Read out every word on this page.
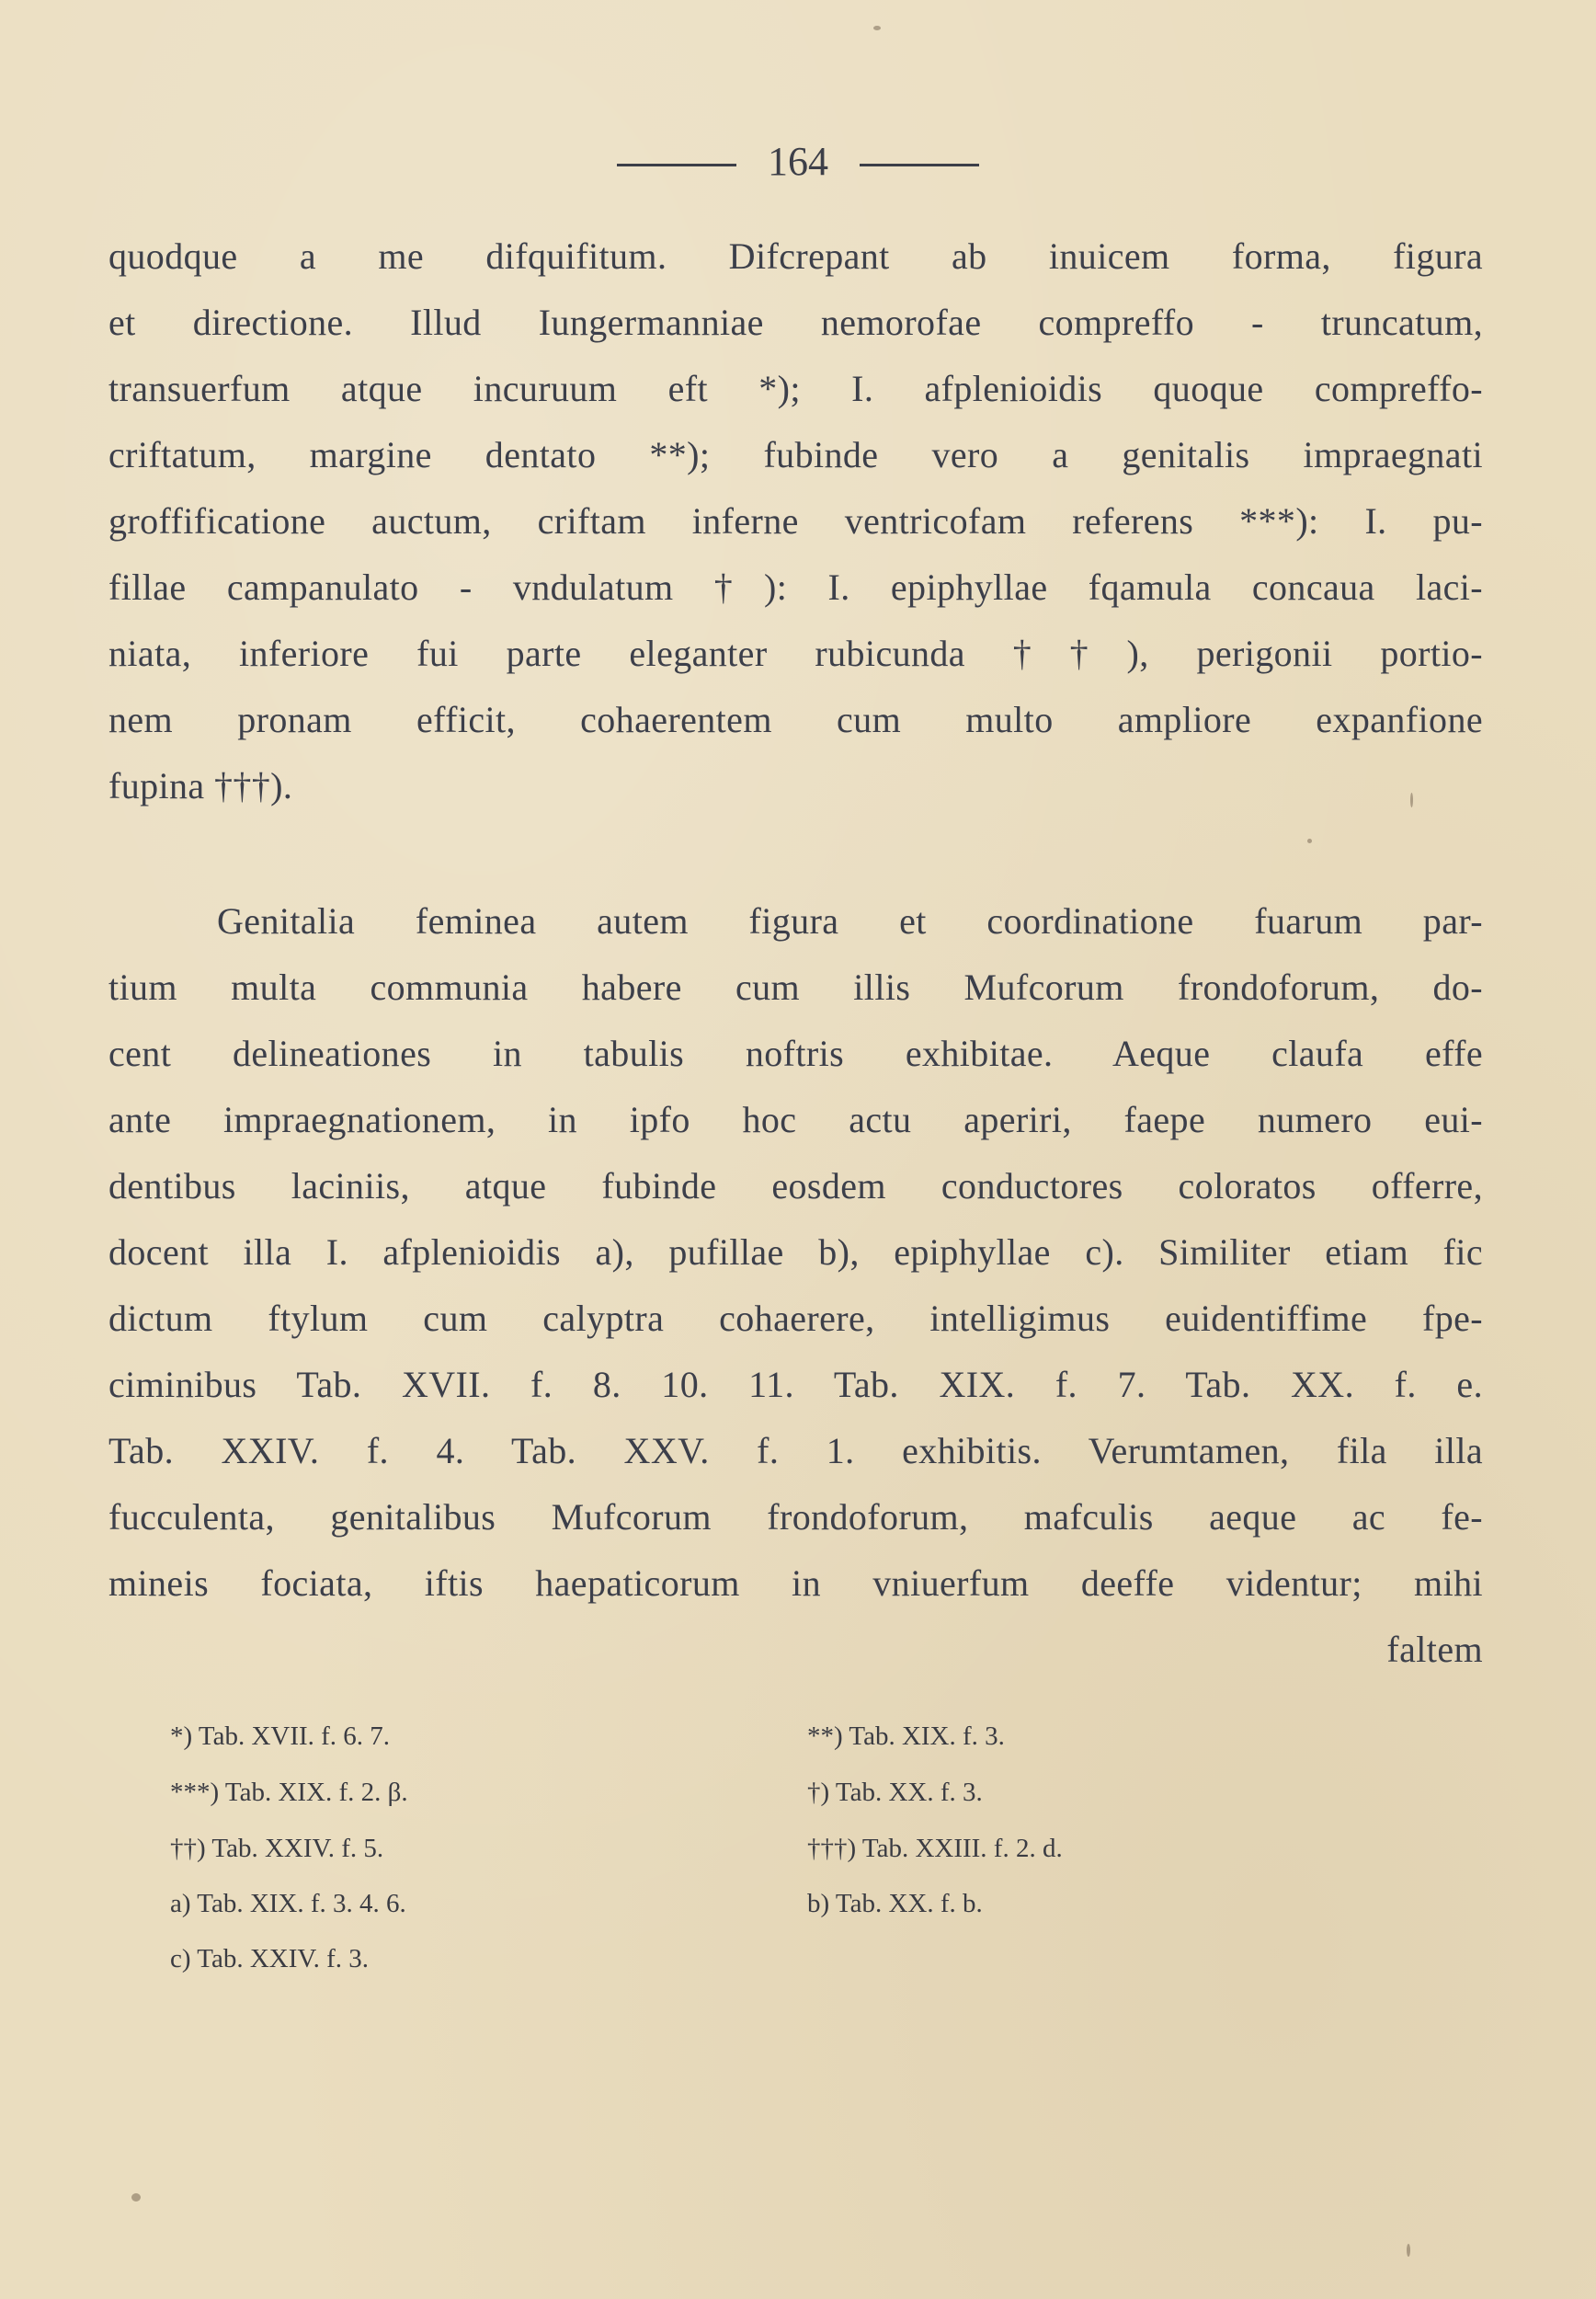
164
quodque a me difquifitum. Difcrepant ab inuicem forma, figura
et directione. Illud Iungermanniae nemorofae compreffo - truncatum,
transuerfum atque incuruum eft *); I. afplenioidis quoque compreffo-
criftatum, margine dentato **); fubinde vero a genitalis impraegnati
groffificatione auctum, criftam inferne ventricofam referens ***): I. pu-
fillae campanulato - vndulatum †): I. epiphyllae fqamula concaua laci-
niata, inferiore fui parte eleganter rubicunda ††), perigonii portio-
nem pronam efficit, cohaerentem cum multo ampliore expanfione
fupina †††).
Genitalia feminea autem figura et coordinatione fuarum par-
tium multa communia habere cum illis Mufcorum frondoforum, do-
cent delineationes in tabulis noftris exhibitae. Aeque claufa effe
ante impraegnationem, in ipfo hoc actu aperiri, faepe numero eui-
dentibus laciniis, atque fubinde eosdem conductores coloratos offerre,
docent illa I. afplenioidis a), pufillae b), epiphyllae c). Similiter etiam fic
dictum ftylum cum calyptra cohaerere, intelligimus euidentiffime fpe-
ciminibus Tab. XVII. f. 8. 10. 11. Tab. XIX. f. 7. Tab. XX. f. e.
Tab. XXIV. f. 4. Tab. XXV. f. 1. exhibitis. Verumtamen, fila illa
fucculenta, genitalibus Mufcorum frondoforum, mafculis aeque ac fe-
mineis fociata, iftis haepaticorum in vniuerfum deeffe videntur; mihi
faltem
*) Tab. XVII. f. 6. 7.
***) Tab. XIX. f. 2. β.
††) Tab. XXIV. f. 5.
a) Tab. XIX. f. 3. 4. 6.
c) Tab. XXIV. f. 3.
**) Tab. XIX. f. 3.
†) Tab. XX. f. 3.
†††) Tab. XXIII. f. 2. d.
b) Tab. XX. f. b.
